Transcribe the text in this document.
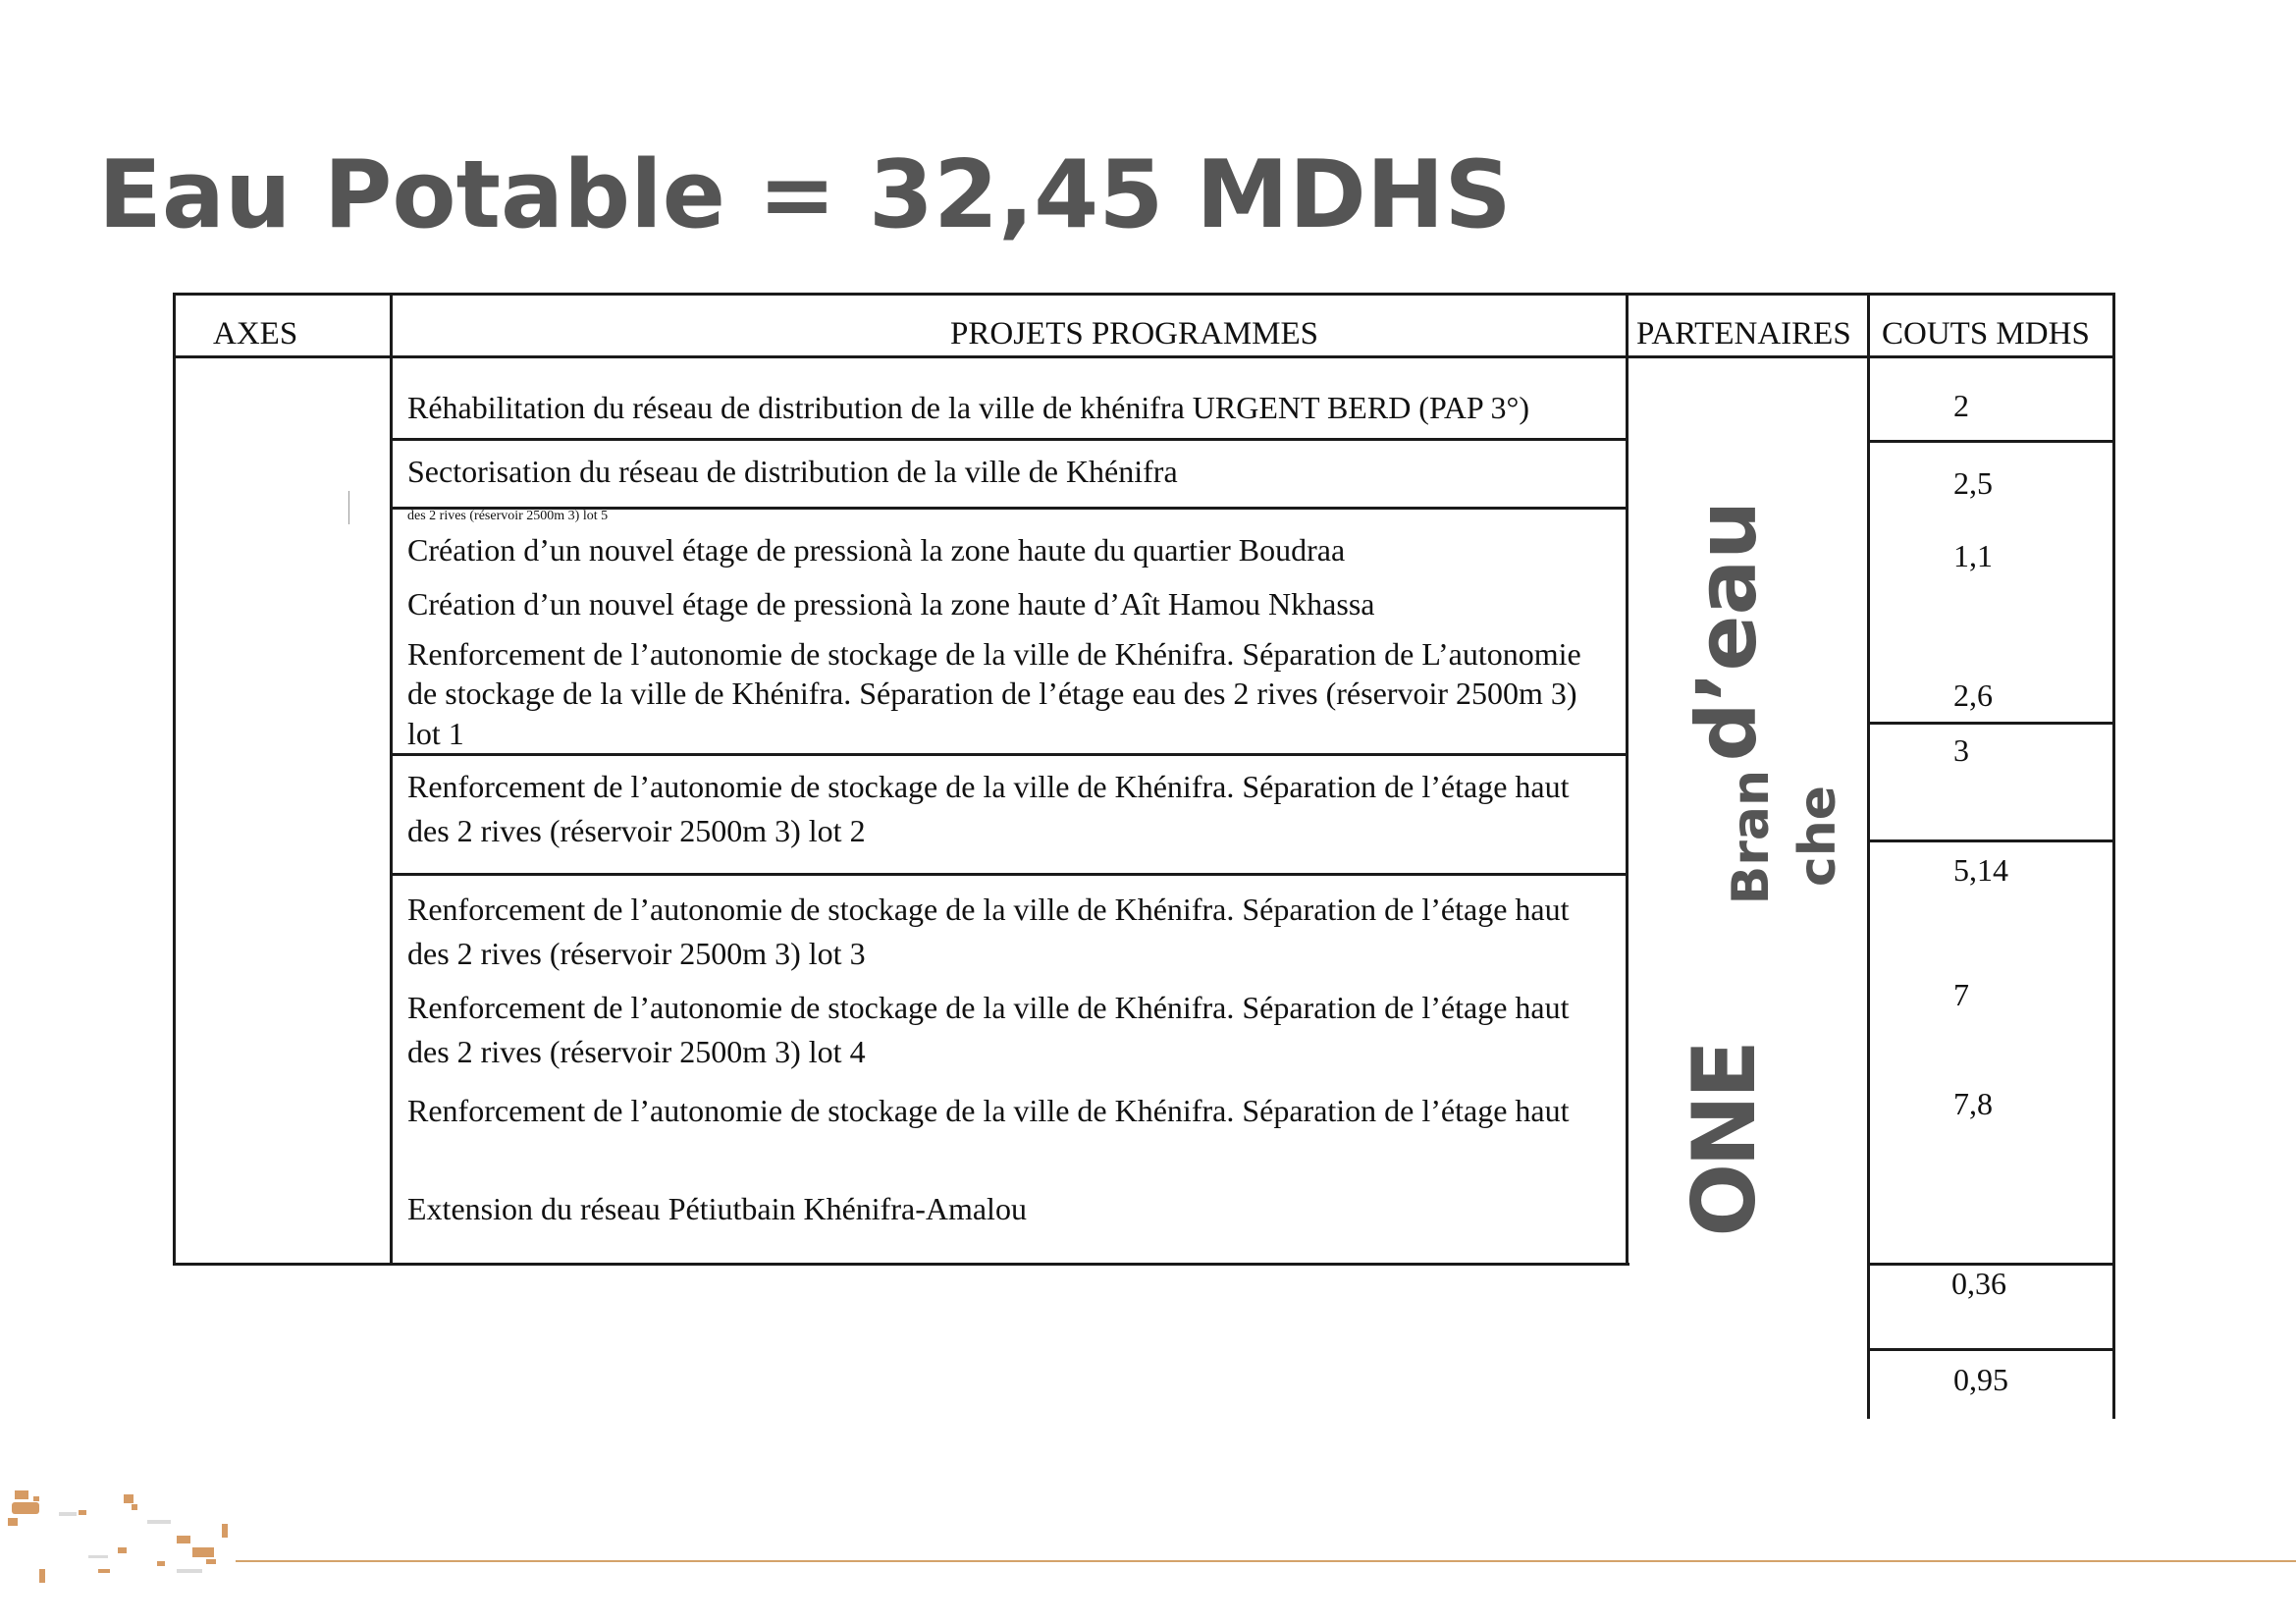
Eau Potable = 32,45 MDHS
AXES	PROJETS PROGRAMMES	PARTENAIRES COUTS MDHS
des 2 rives (réservoir 2500m 3) lot 5
Réhabilitation du réseau de distribution de la ville de khénifra URGENT BERD (PAP 3°)
Sectorisation du réseau de distribution de la ville de Khénifra
Création d’un nouvel étage de pressionà la zone haute du quartier Boudraa
Création d’un nouvel étage de pressionà la zone haute d’Aît Hamou Nkhassa
Renforcement de l’autonomie de stockage de la ville de Khénifra. Séparation de L’autonomie
de stockage de la ville de Khénifra. Séparation de l’étage eau des 2 rives (réservoir 2500m 3)
lot 1
Renforcement de l’autonomie de stockage de la ville de Khénifra. Séparation de l’étage haut
des 2 rives (réservoir 2500m 3) lot 2
Renforcement de l’autonomie de stockage de la ville de Khénifra. Séparation de l’étage haut
des 2 rives (réservoir 2500m 3) lot 3
Renforcement de l’autonomie de stockage de la ville de Khénifra. Séparation de l’étage haut
des 2 rives (réservoir 2500m 3) lot 4
Renforcement de l’autonomie de stockage de la ville de Khénifra. Séparation de l’étage haut
Extension du réseau Pétiutbain Khénifra-Amalou
d’eau
Bran che
ONE
2
2,5
1,1
2,6
3
5,14
7
7,8
0,36
0,95
